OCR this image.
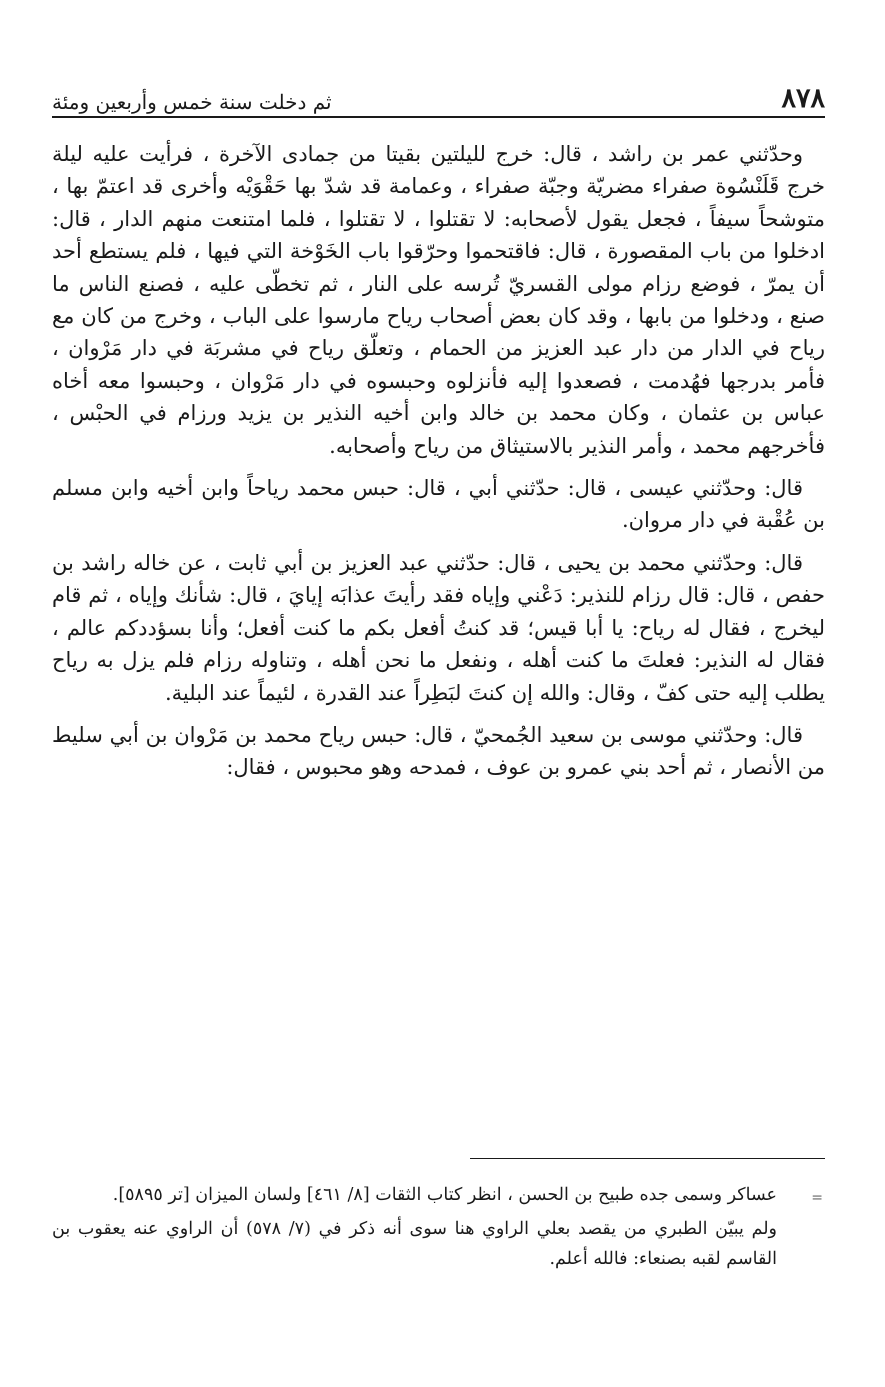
٨٧٨
ثم دخلت سنة خمس وأربعين ومئة

وحدّثني عمر بن راشد ، قال: خرج لليلتين بقيتا من جمادى الآخرة ، فرأيت عليه ليلة خرج قَلَنْسُوة صفراء مضريّة وجبّة صفراء ، وعمامة قد شدّ بها حَقْوَيْه وأخرى قد اعتمّ بها ، متوشحاً سيفاً ، فجعل يقول لأصحابه: لا تقتلوا ، لا تقتلوا ، فلما امتنعت منهم الدار ، قال: ادخلوا من باب المقصورة ، قال: فاقتحموا وحرّقوا باب الخَوْخة التي فيها ، فلم يستطع أحد أن يمرّ ، فوضع رزام مولى القسريّ تُرسه على النار ، ثم تخطّى عليه ، فصنع الناس ما صنع ، ودخلوا من بابها ، وقد كان بعض أصحاب رياح مارسوا على الباب ، وخرج من كان مع رياح في الدار من دار عبد العزيز من الحمام ، وتعلّق رياح في مشربَة في دار مَرْوان ، فأمر بدرجها فهُدمت ، فصعدوا إليه فأنزلوه وحبسوه في دار مَرْوان ، وحبسوا معه أخاه عباس بن عثمان ، وكان محمد بن خالد وابن أخيه النذير بن يزيد ورزام في الحبْس ، فأخرجهم محمد ، وأمر النذير بالاستيثاق من رياح وأصحابه.

قال: وحدّثني عيسى ، قال: حدّثني أبي ، قال: حبس محمد رياحاً وابن أخيه وابن مسلم بن عُقْبة في دار مروان.

قال: وحدّثني محمد بن يحيى ، قال: حدّثني عبد العزيز بن أبي ثابت ، عن خاله راشد بن حفص ، قال: قال رزام للنذير: دَعْني وإياه فقد رأيتَ عذابَه إيايَ ، قال: شأنك وإياه ، ثم قام ليخرج ، فقال له رياح: يا أبا قيس؛ قد كنتُ أفعل بكم ما كنت أفعل؛ وأنا بسؤددكم عالم ، فقال له النذير: فعلتَ ما كنت أهله ، ونفعل ما نحن أهله ، وتناوله رزام فلم يزل به رياح يطلب إليه حتى كفّ ، وقال: والله إن كنتَ لبَطِراً عند القدرة ، لئيماً عند البلية.

قال: وحدّثني موسى بن سعيد الجُمحيّ ، قال: حبس رياح محمد بن مَرْوان بن أبي سليط من الأنصار ، ثم أحد بني عمرو بن عوف ، فمدحه وهو محبوس ، فقال:

=

عساكر وسمى جده طبيح بن الحسن ، انظر كتاب الثقات [٨/ ٤٦١] ولسان الميزان [تر ٥٨٩٥].

ولم يبيّن الطبري من يقصد بعلي الراوي هنا سوى أنه ذكر في (٧/ ٥٧٨) أن الراوي عنه يعقوب بن القاسم لقبه بصنعاء: فالله أعلم.
